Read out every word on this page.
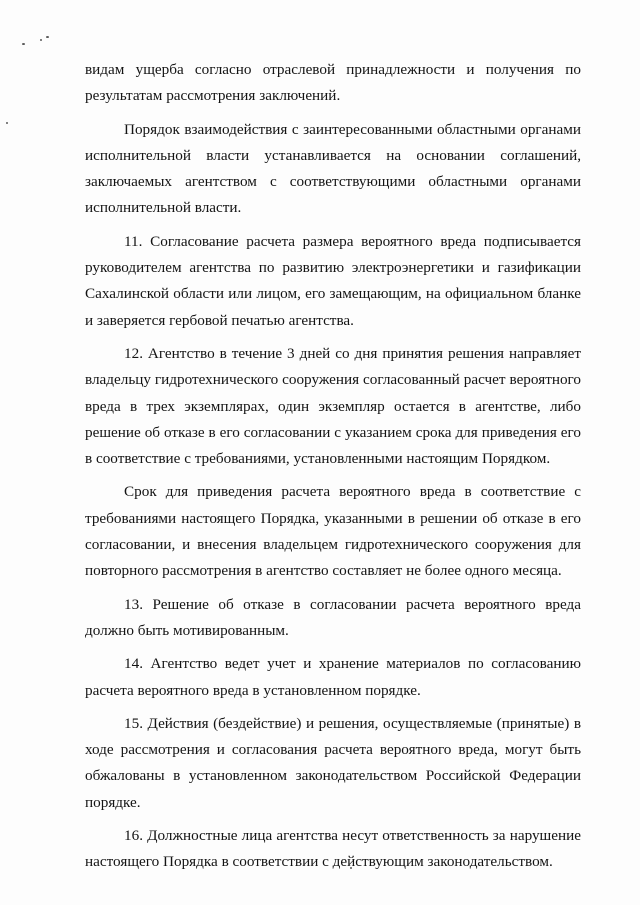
видам ущерба согласно отраслевой принадлежности и получения по результатам рассмотрения заключений.

Порядок взаимодействия с заинтересованными областными органами исполнительной власти устанавливается на основании соглашений, заключаемых агентством с соответствующими областными органами исполнительной власти.

11. Согласование расчета размера вероятного вреда подписывается руководителем агентства по развитию электроэнергетики и газификации Сахалинской области или лицом, его замещающим, на официальном бланке и заверяется гербовой печатью агентства.

12. Агентство в течение 3 дней со дня принятия решения направляет владельцу гидротехнического сооружения согласованный расчет вероятного вреда в трех экземплярах, один экземпляр остается в агентстве, либо решение об отказе в его согласовании с указанием срока для приведения его в соответствие с требованиями, установленными настоящим Порядком.

Срок для приведения расчета вероятного вреда в соответствие с требованиями настоящего Порядка, указанными в решении об отказе в его согласовании, и внесения владельцем гидротехнического сооружения для повторного рассмотрения в агентство составляет не более одного месяца.

13. Решение об отказе в согласовании расчета вероятного вреда должно быть мотивированным.

14. Агентство ведет учет и хранение материалов по согласованию расчета вероятного вреда в установленном порядке.

15. Действия (бездействие) и решения, осуществляемые (принятые) в ходе рассмотрения и согласования расчета вероятного вреда, могут быть обжалованы в установленном законодательством Российской Федерации порядке.

16. Должностные лица агентства несут ответственность за нарушение настоящего Порядка в соответствии с действующим законодательством.
